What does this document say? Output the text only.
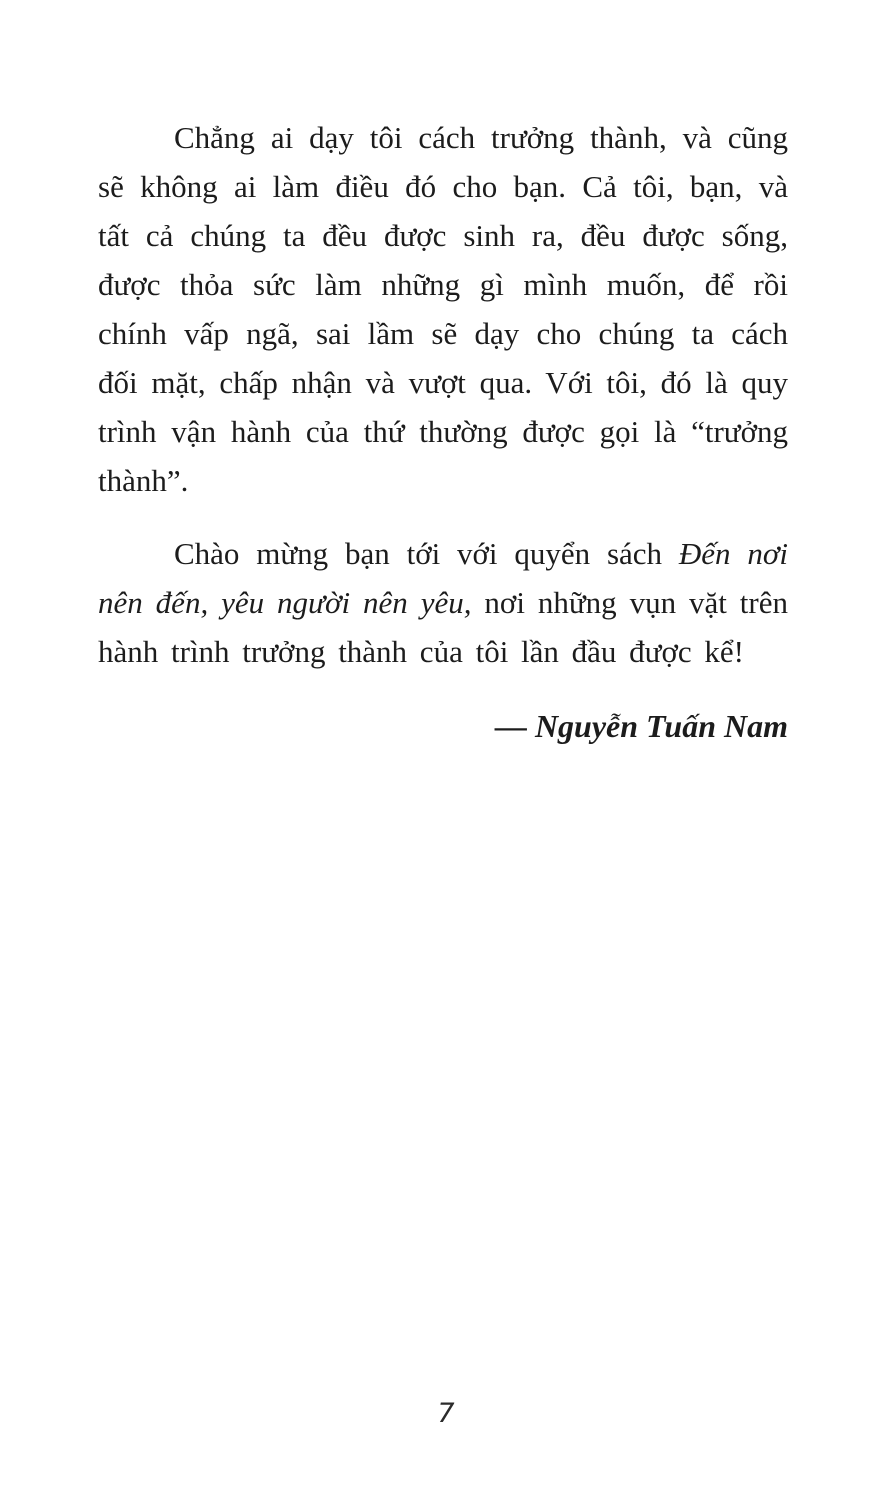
Chẳng ai dạy tôi cách trưởng thành, và cũng sẽ không ai làm điều đó cho bạn. Cả tôi, bạn, và tất cả chúng ta đều được sinh ra, đều được sống, được thỏa sức làm những gì mình muốn, để rồi chính vấp ngã, sai lầm sẽ dạy cho chúng ta cách đối mặt, chấp nhận và vượt qua. Với tôi, đó là quy trình vận hành của thứ thường được gọi là “trưởng thành”.

Chào mừng bạn tới với quyển sách Đến nơi nên đến, yêu người nên yêu, nơi những vụn vặt trên hành trình trưởng thành của tôi lần đầu được kể!

— Nguyễn Tuấn Nam

7
